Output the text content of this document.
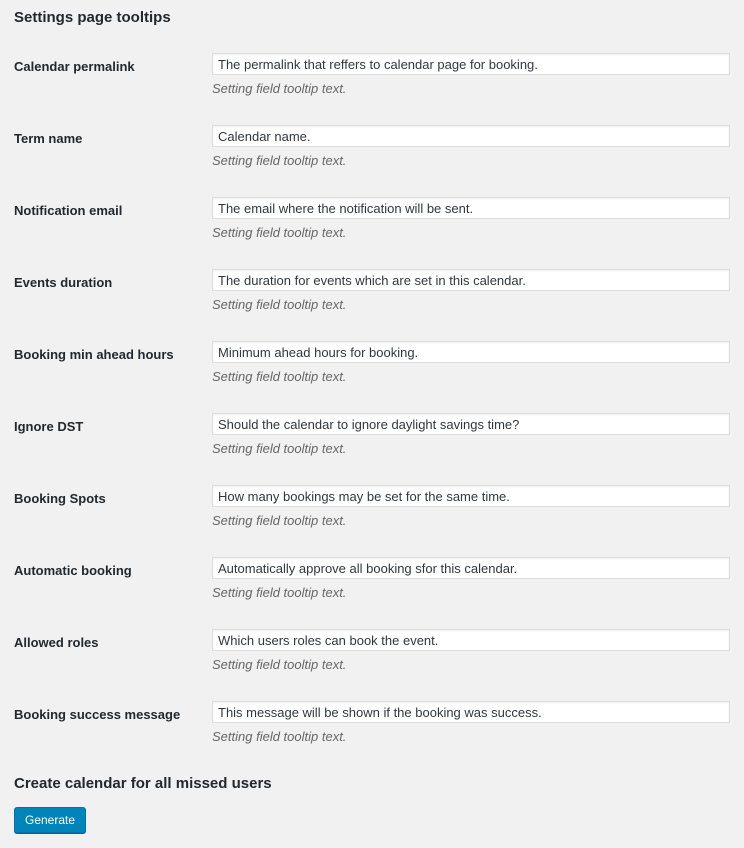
Settings page tooltips
Calendar permalink
The permalink that reffers to calendar page for booking.
Setting field tooltip text.
Term name
Calendar name.
Setting field tooltip text.
Notification email
The email where the notification will be sent.
Setting field tooltip text.
Events duration
The duration for events which are set in this calendar.
Setting field tooltip text.
Booking min ahead hours
Minimum ahead hours for booking.
Setting field tooltip text.
Ignore DST
Should the calendar to ignore daylight savings time?
Setting field tooltip text.
Booking Spots
How many bookings may be set for the same time.
Setting field tooltip text.
Automatic booking
Automatically approve all booking sfor this calendar.
Setting field tooltip text.
Allowed roles
Which users roles can book the event.
Setting field tooltip text.
Booking success message
This message will be shown if the booking was success.
Setting field tooltip text.
Create calendar for all missed users
Generate
